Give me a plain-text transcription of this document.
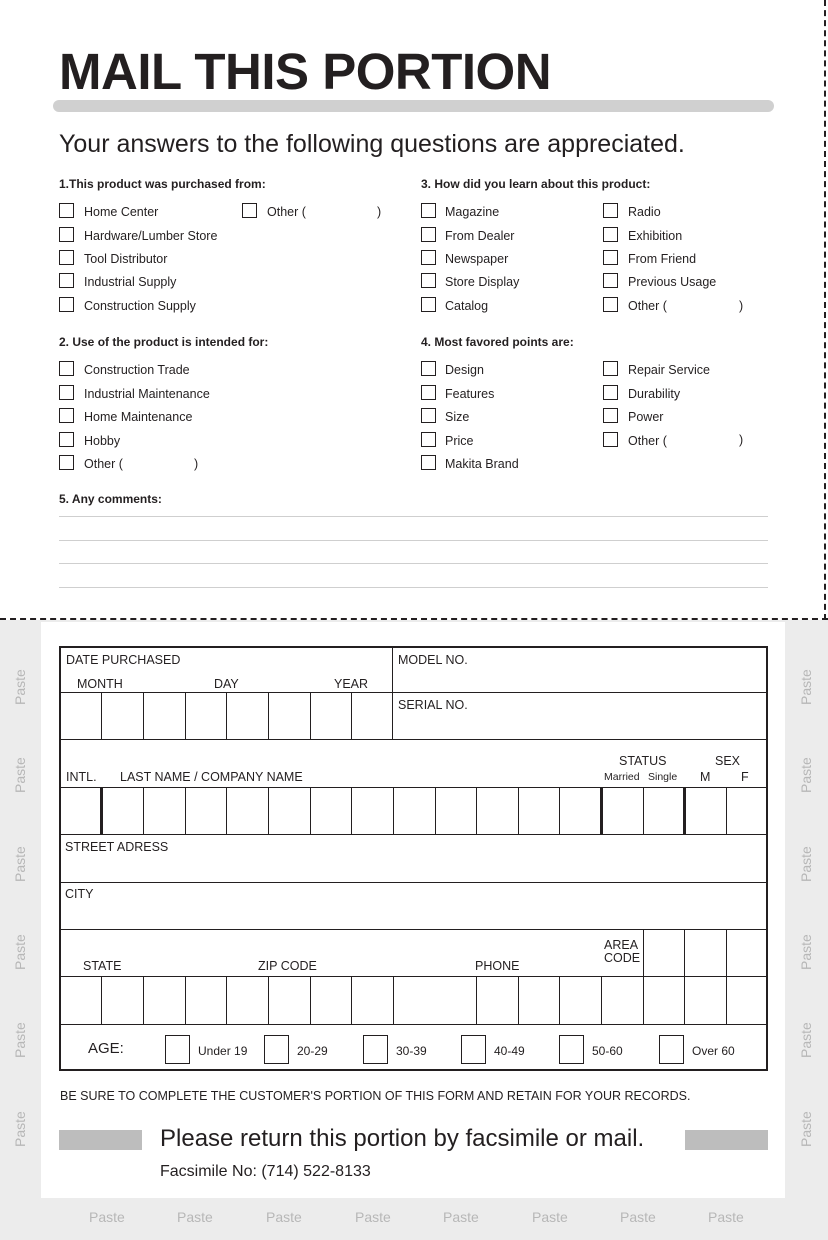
MAIL THIS PORTION
Your answers to the following questions are appreciated.
1.This product was purchased from:
Home Center
Hardware/Lumber Store
Tool Distributor
Industrial Supply
Construction Supply
Other (	)
2. Use of the product is intended for:
Construction Trade
Industrial Maintenance
Home Maintenance
Hobby
Other (	)
3. How did you learn about this product:
Magazine
From Dealer
Newspaper
Store Display
Catalog
Radio
Exhibition
From Friend
Previous Usage
Other (	)
4. Most favored points are:
Design
Features
Size
Price
Makita Brand
Repair Service
Durability
Power
Other (	)
5. Any comments:
Paste	Paste
Paste	Paste
Paste	Paste
Paste	Paste
Paste	Paste
Paste	Paste
Paste	Paste	Paste	Paste	Paste	Paste	Paste	Paste
DATE PURCHASED
MONTH	DAY	YEAR
MODEL NO.
SERIAL NO.
INTL. LAST NAME / COMPANY NAME
STATUS
Married Single
SEX
M F
STREET ADRESS
CITY
STATE	ZIP CODE	PHONE
AREA
CODE
AGE:	Under 19	20-29	30-39	40-49	50-60	Over 60
BE SURE TO COMPLETE THE CUSTOMER'S PORTION OF THIS FORM AND RETAIN FOR YOUR RECORDS.
Please return this portion by facsimile or mail.
Facsimile No: (714) 522-8133
